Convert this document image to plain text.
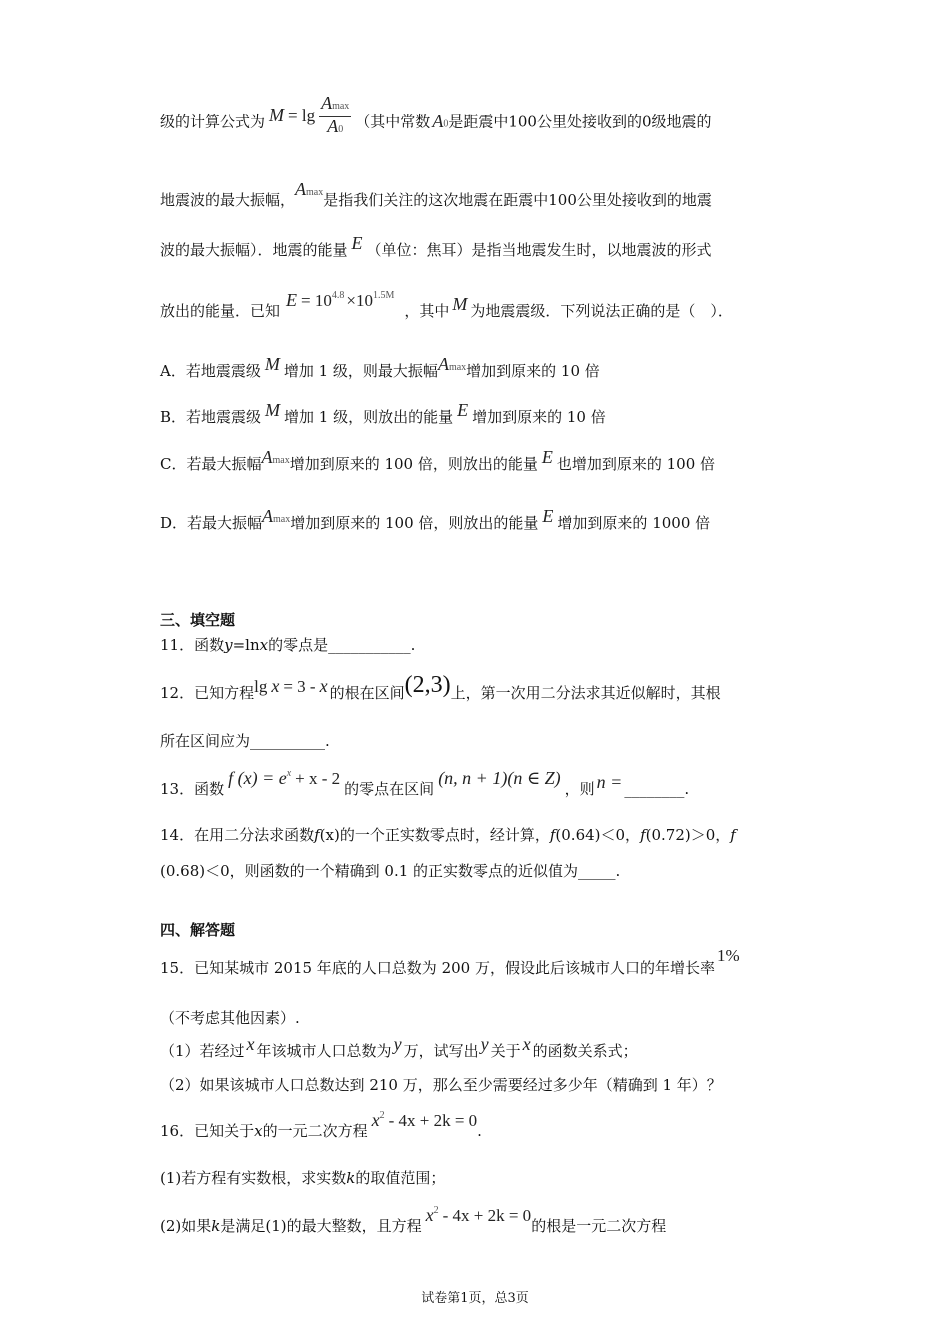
级的计算公式为 $M = \lg \frac{Amax}{A0}$ （其中常数 A0是距震中100公里处接收到的0级地震的
地震波的最大振幅，Amax是指我们关注的这次地震在距震中100公里处接收到的地震
波的最大振幅）．地震的能量 E （单位：焦耳）是指当地震发生时，以地震波的形式
放出的能量．已知$E = 10^{4.8} \times 10^{1.5M}$，其中 M 为地震震级．下列说法正确的是（　）．
A．若地震震级 M 增加 1 级，则最大振幅Amax增加到原来的 10 倍
B．若地震震级 M 增加 1 级，则放出的能量 E 增加到原来的 10 倍
C．若最大振幅Amax增加到原来的 100 倍，则放出的能量 E 也增加到原来的 100 倍
D．若最大振幅Amax增加到原来的 100 倍，则放出的能量 E 增加到原来的 1000 倍
三、填空题
11．函数y=lnx的零点是___________.
12．已知方程lg x = 3 - x 的根在区间(2,3)上，第一次用二分法求其近似解时，其根
所在区间应为__________.
13．函数f $(x) = e^x + x - 2$的零点在区间(n, n + 1)(n ∈ Z)，则 n = ________.
14．在用二分法求函数f(x)的一个正实数零点时，经计算，f(0.64)＜0，f(0.72)＞0，f
(0.68)＜0，则函数的一个精确到 0.1 的正实数零点的近似值为_____.
四、解答题
15．已知某城市 2015 年底的人口总数为 200 万，假设此后该城市人口的年增长率1%
（不考虑其他因素）.
（1）若经过 x 年该城市人口总数为 y 万，试写出 y 关于 x 的函数关系式；
（2）如果该城市人口总数达到 210 万，那么至少需要经过多少年（精确到 1 年）？
16．已知关于x的一元二次方程$x^2 - 4x + 2k = 0$.
(1)若方程有实数根，求实数k的取值范围；
(2)如果k是满足(1)的最大整数，且方程$x^2 - 4x + 2k = 0$的根是一元二次方程
试卷第1页，总3页
